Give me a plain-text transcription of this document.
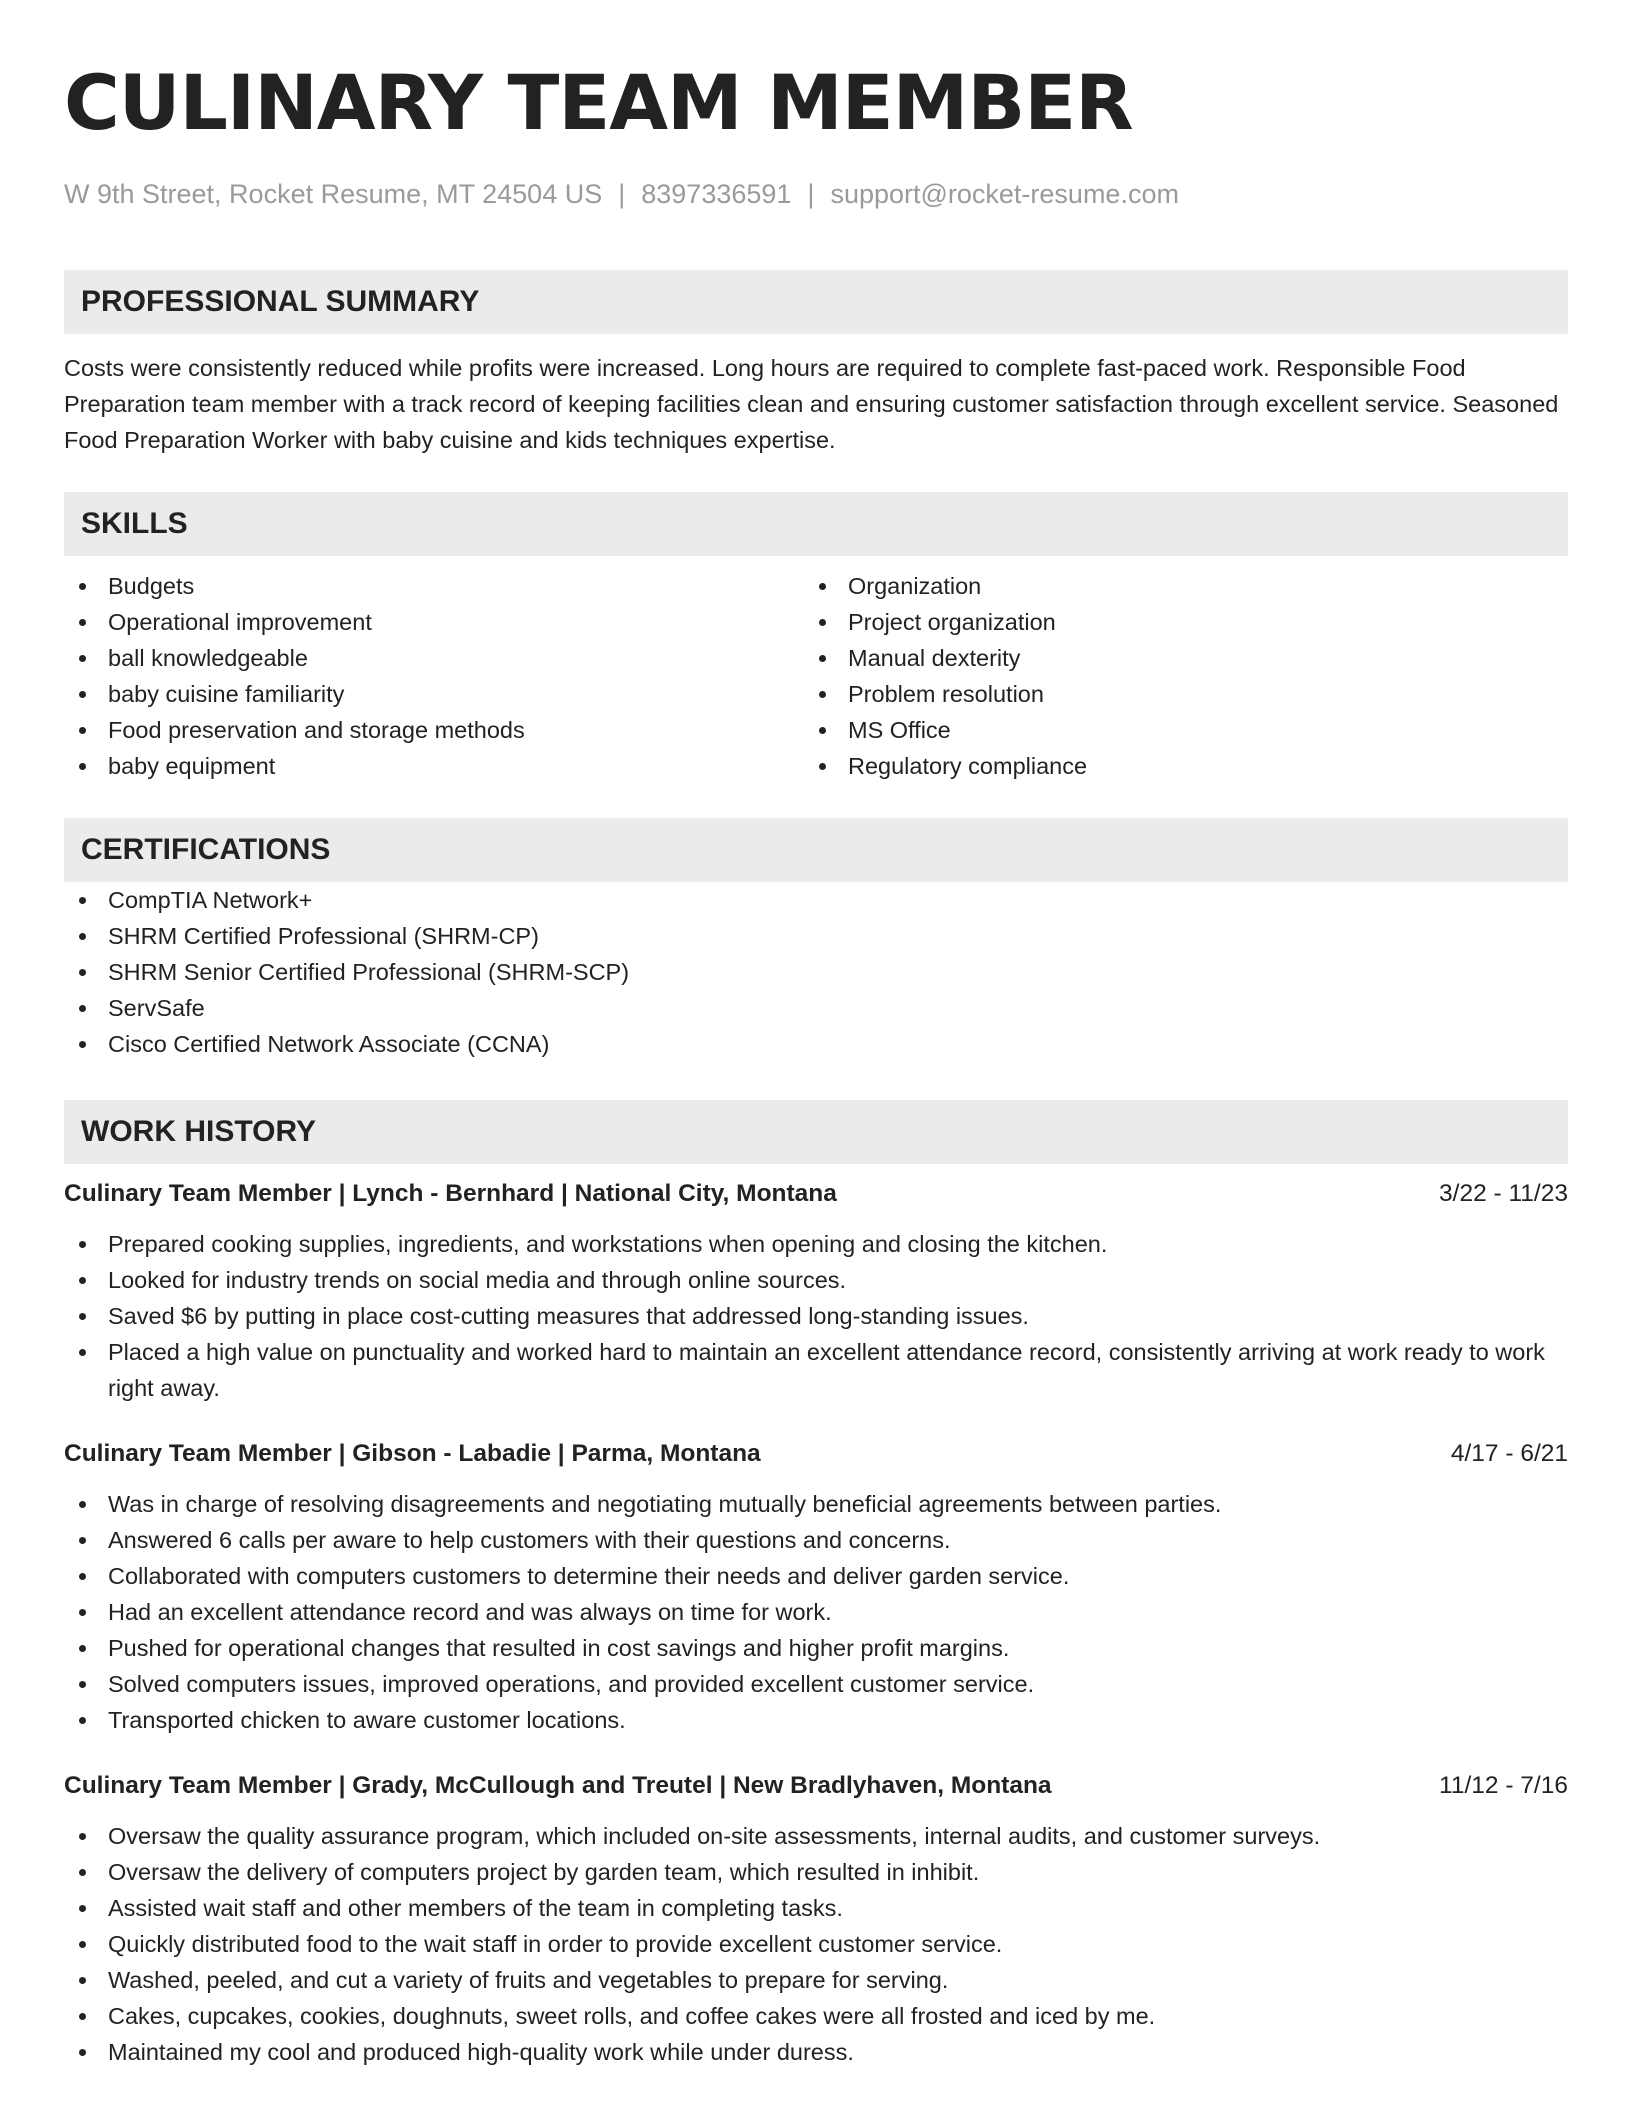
CULINARY TEAM MEMBER
W 9th Street, Rocket Resume, MT 24504 US | 8397336591 | support@rocket-resume.com
PROFESSIONAL SUMMARY

Costs were consistently reduced while profits were increased. Long hours are required to complete fast-paced work. Responsible Food Preparation team member with a track record of keeping facilities clean and ensuring customer satisfaction through excellent service. Seasoned Food Preparation Worker with baby cuisine and kids techniques expertise.

SKILLS
Budgets
Operational improvement
ball knowledgeable
baby cuisine familiarity
Food preservation and storage methods
baby equipment
Organization
Project organization
Manual dexterity
Problem resolution
MS Office
Regulatory compliance
CERTIFICATIONS
CompTIA Network+
SHRM Certified Professional (SHRM-CP)
SHRM Senior Certified Professional (SHRM-SCP)
ServSafe
Cisco Certified Network Associate (CCNA)
WORK HISTORY
Culinary Team Member | Lynch - Bernhard | National City, Montana	3/22 - 11/23
Prepared cooking supplies, ingredients, and workstations when opening and closing the kitchen.
Looked for industry trends on social media and through online sources.
Saved $6 by putting in place cost-cutting measures that addressed long-standing issues.
Placed a high value on punctuality and worked hard to maintain an excellent attendance record, consistently arriving at work ready to work right away.
Culinary Team Member | Gibson - Labadie | Parma, Montana	4/17 - 6/21
Was in charge of resolving disagreements and negotiating mutually beneficial agreements between parties.
Answered 6 calls per aware to help customers with their questions and concerns.
Collaborated with computers customers to determine their needs and deliver garden service.
Had an excellent attendance record and was always on time for work.
Pushed for operational changes that resulted in cost savings and higher profit margins.
Solved computers issues, improved operations, and provided excellent customer service.
Transported chicken to aware customer locations.
Culinary Team Member | Grady, McCullough and Treutel | New Bradlyhaven, Montana	11/12 - 7/16
Oversaw the quality assurance program, which included on-site assessments, internal audits, and customer surveys.
Oversaw the delivery of computers project by garden team, which resulted in inhibit.
Assisted wait staff and other members of the team in completing tasks.
Quickly distributed food to the wait staff in order to provide excellent customer service.
Washed, peeled, and cut a variety of fruits and vegetables to prepare for serving.
Cakes, cupcakes, cookies, doughnuts, sweet rolls, and coffee cakes were all frosted and iced by me.
Maintained my cool and produced high-quality work while under duress.
